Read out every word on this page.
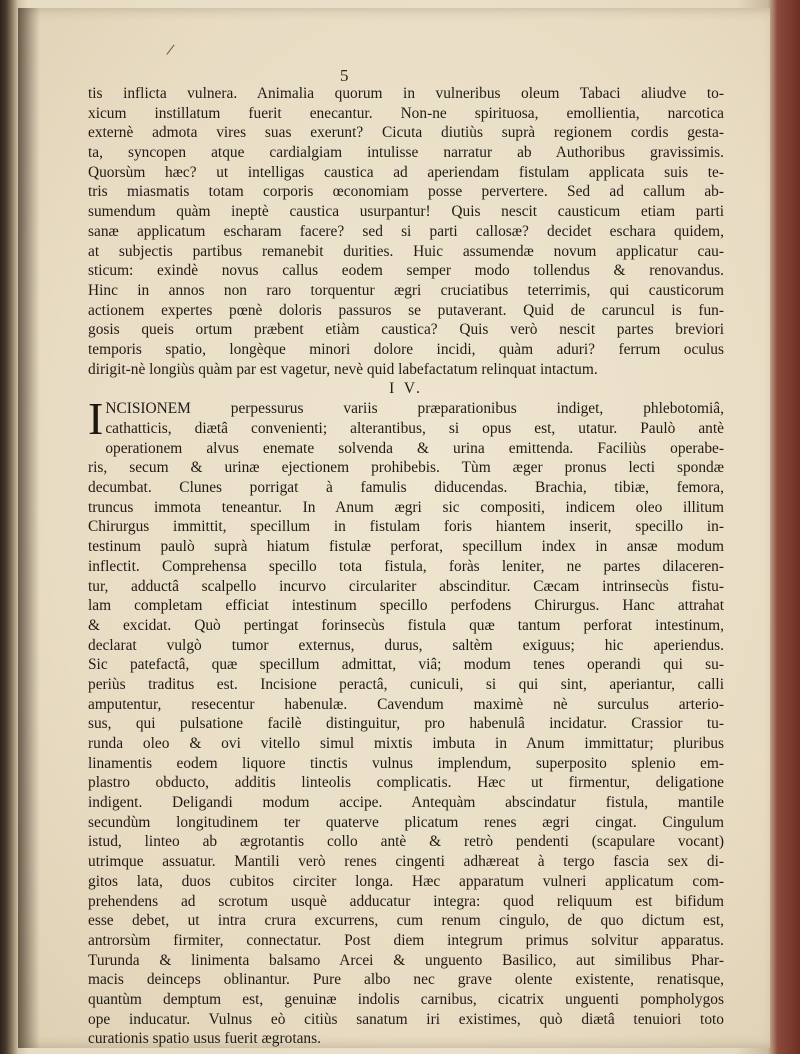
/
5
tis inflicta vulnera. Animalia quorum in vulneribus oleum Tabaci aliudve to-
xicum instillatum fuerit enecantur. Non-ne spirituosa, emollientia, narcotica
externè admota vires suas exerunt? Cicuta diutiùs suprà regionem cordis gesta-
ta, syncopen atque cardialgiam intulisse narratur ab Authoribus gravissimis.
Quorsùm hæc? ut intelligas caustica ad aperiendam fistulam applicata suis te-
tris miasmatis totam corporis œconomiam posse pervertere. Sed ad callum ab-
sumendum quàm ineptè caustica usurpantur! Quis nescit causticum etiam parti
sanæ applicatum escharam facere? sed si parti callosæ? decidet eschara quidem,
at subjectis partibus remanebit durities. Huic assumendæ novum applicatur cau-
sticum: exindè novus callus eodem semper modo tollendus & renovandus.
Hinc in annos non raro torquentur ægri cruciatibus teterrimis, qui causticorum
actionem expertes pœnè doloris passuros se putaverant. Quid de caruncul is fun-
gosis queis ortum præbent etiàm caustica? Quis verò nescit partes breviori
temporis spatio, longèque minori dolore incidi, quàm aduri? ferrum oculus
dirigit-nè longiùs quàm par est vagetur, nevè quid labefactatum relinquat intactum.
I V.
I NCISIONEM perpessurus variis præparationibus indiget, phlebotomiâ,
cathatticis, diætâ convenienti; alterantibus, si opus est, utatur. Paulò antè
operationem alvus enemate solvenda & urina emittenda. Faciliùs operabe-
ris, secum & urinæ ejectionem prohibebis. Tùm æger pronus lecti spondæ
decumbat. Clunes porrigat à famulis diducendas. Brachia, tibiæ, femora,
truncus immota teneantur. In Anum ægri sic compositi, indicem oleo illitum
Chirurgus immittit, specillum in fistulam foris hiantem inserit, specillo in-
testinum paulò suprà hiatum fistulæ perforat, specillum index in ansæ modum
inflectit. Comprehensa specillo tota fistula, foràs leniter, ne partes dilaceren-
tur, adductâ scalpello incurvo circulariter abscinditur. Cæcam intrinsecùs fistu-
lam completam efficiat intestinum specillo perfodens Chirurgus. Hanc attrahat
& excidat. Quò pertingat forinsecùs fistula quæ tantum perforat intestinum,
declarat vulgò tumor externus, durus, saltèm exiguus; hic aperiendus.
Sic patefactâ, quæ specillum admittat, viâ; modum tenes operandi qui su-
periùs traditus est. Incisione peractâ, cuniculi, si qui sint, aperiantur, calli
amputentur, resecentur habenulæ. Cavendum maximè nè surculus arterio-
sus, qui pulsatione facilè distinguitur, pro habenulâ incidatur. Crassior tu-
runda oleo & ovi vitello simul mixtis imbuta in Anum immittatur; pluribus
linamentis eodem liquore tinctis vulnus implendum, superposito splenio em-
plastro obducto, additis linteolis complicatis. Hæc ut firmentur, deligatione
indigent. Deligandi modum accipe. Antequàm abscindatur fistula, mantile
secundùm longitudinem ter quaterve plicatum renes ægri cingat. Cingulum
istud, linteo ab ægrotantis collo antè & retrò pendenti (scapulare vocant)
utrimque assuatur. Mantili verò renes cingenti adhæreat à tergo fascia sex di-
gitos lata, duos cubitos circiter longa. Hæc apparatum vulneri applicatum com-
prehendens ad scrotum usquè adducatur integra: quod reliquum est bifidum
esse debet, ut intra crura excurrens, cum renum cingulo, de quo dictum est,
antrorsùm firmiter, connectatur. Post diem integrum primus solvitur apparatus.
Turunda & linimenta balsamo Arcei & unguento Basilico, aut similibus Phar-
macis deinceps oblinantur. Pure albo nec grave olente existente, renatisque,
quantùm demptum est, genuinæ indolis carnibus, cicatrix unguenti pompholygos
ope inducatur. Vulnus eò citiùs sanatum iri existimes, quò diætâ tenuiori toto
curationis spatio usus fuerit ægrotans.
